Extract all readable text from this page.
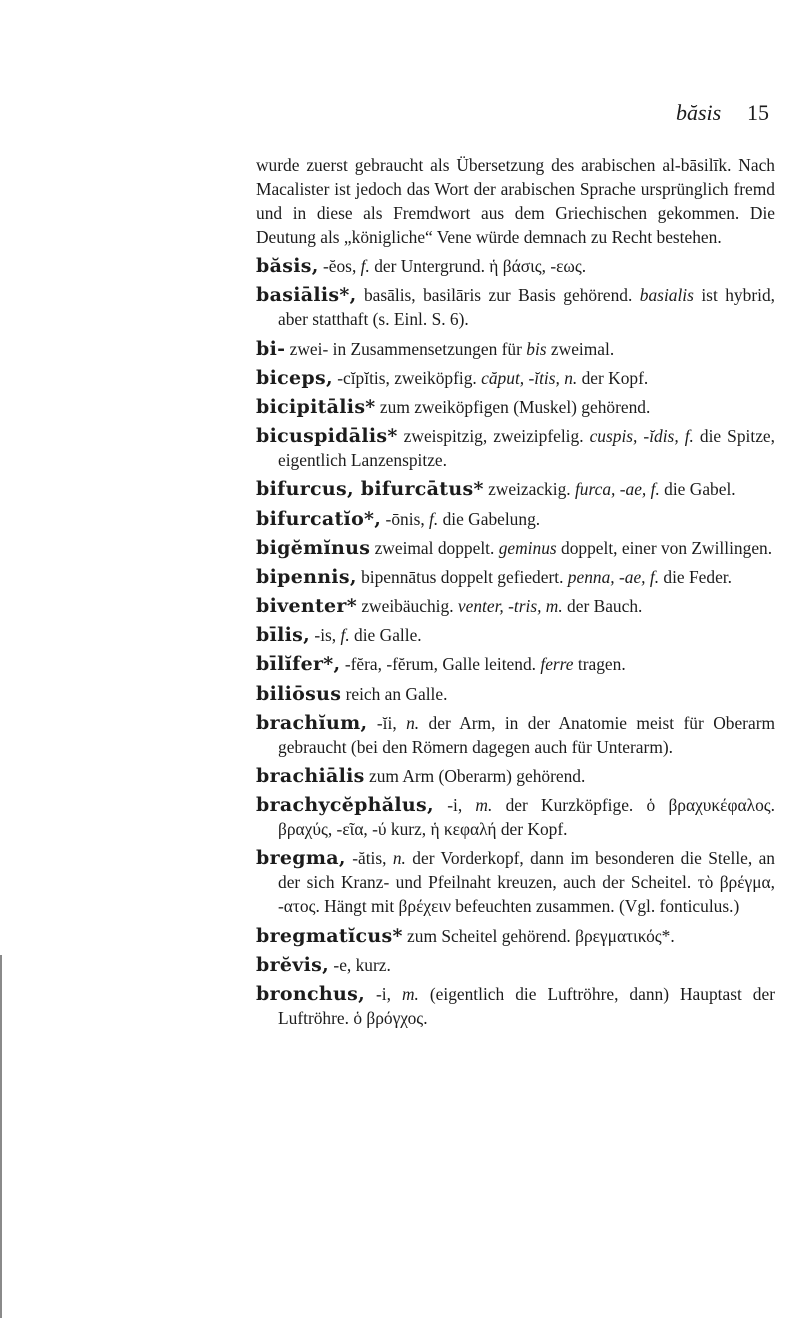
băsis 15

wurde zuerst gebraucht als Übersetzung des arabischen al-bāsilīk. Nach Macalister ist jedoch das Wort der arabischen Sprache ursprünglich fremd und in diese als Fremdwort aus dem Griechischen gekommen. Die Deutung als „königliche“ Vene würde demnach zu Recht bestehen.

băsis, -ĕos, f. der Untergrund. ἡ βάσις, -εως.
basiālis*, basālis, basilāris zur Basis gehörend. basialis ist hybrid, aber statthaft (s. Einl. S. 6).
bi- zwei- in Zusammensetzungen für bis zweimal.
biceps, -cĭpĭtis, zweiköpfig. căput, -ĭtis, n. der Kopf.
bicipitālis* zum zweiköpfigen (Muskel) gehörend.
bicuspidālis* zweispitzig, zweizipfelig. cuspis, -ĭdis, f. die Spitze, eigentlich Lanzenspitze.
bifurcus, bifurcātus* zweizackig. furca, -ae, f. die Gabel.
bifurcatĭo*, -ōnis, f. die Gabelung.
bigĕmĭnus zweimal doppelt. geminus doppelt, einer von Zwillingen.
bipennis, bipennātus doppelt gefiedert. penna, -ae, f. die Feder.
biventer* zweibäuchig. venter, -tris, m. der Bauch.
bīlis, -is, f. die Galle.
bīlĭfer*, -fĕra, -fĕrum, Galle leitend. ferre tragen.
biliōsus reich an Galle.
brachĭum, -ĭi, n. der Arm, in der Anatomie meist für Oberarm gebraucht (bei den Römern dagegen auch für Unterarm).
brachiālis zum Arm (Oberarm) gehörend.
brachycĕphălus, -i, m. der Kurzköpfige. ὁ βραχυκέφαλος. βραχύς, -εῖα, -ύ kurz, ἡ κεφαλή der Kopf.
bregma, -ătis, n. der Vorderkopf, dann im besonderen die Stelle, an der sich Kranz- und Pfeilnaht kreuzen, auch der Scheitel. τὸ βρέγμα, -ατος. Hängt mit βρέχειν befeuchten zusammen. (Vgl. fonticulus.)
bregmatĭcus* zum Scheitel gehörend. βρεγματικός*.
brĕvis, -e, kurz.
bronchus, -i, m. (eigentlich die Luftröhre, dann) Hauptast der Luftröhre. ὁ βρόγχος.
